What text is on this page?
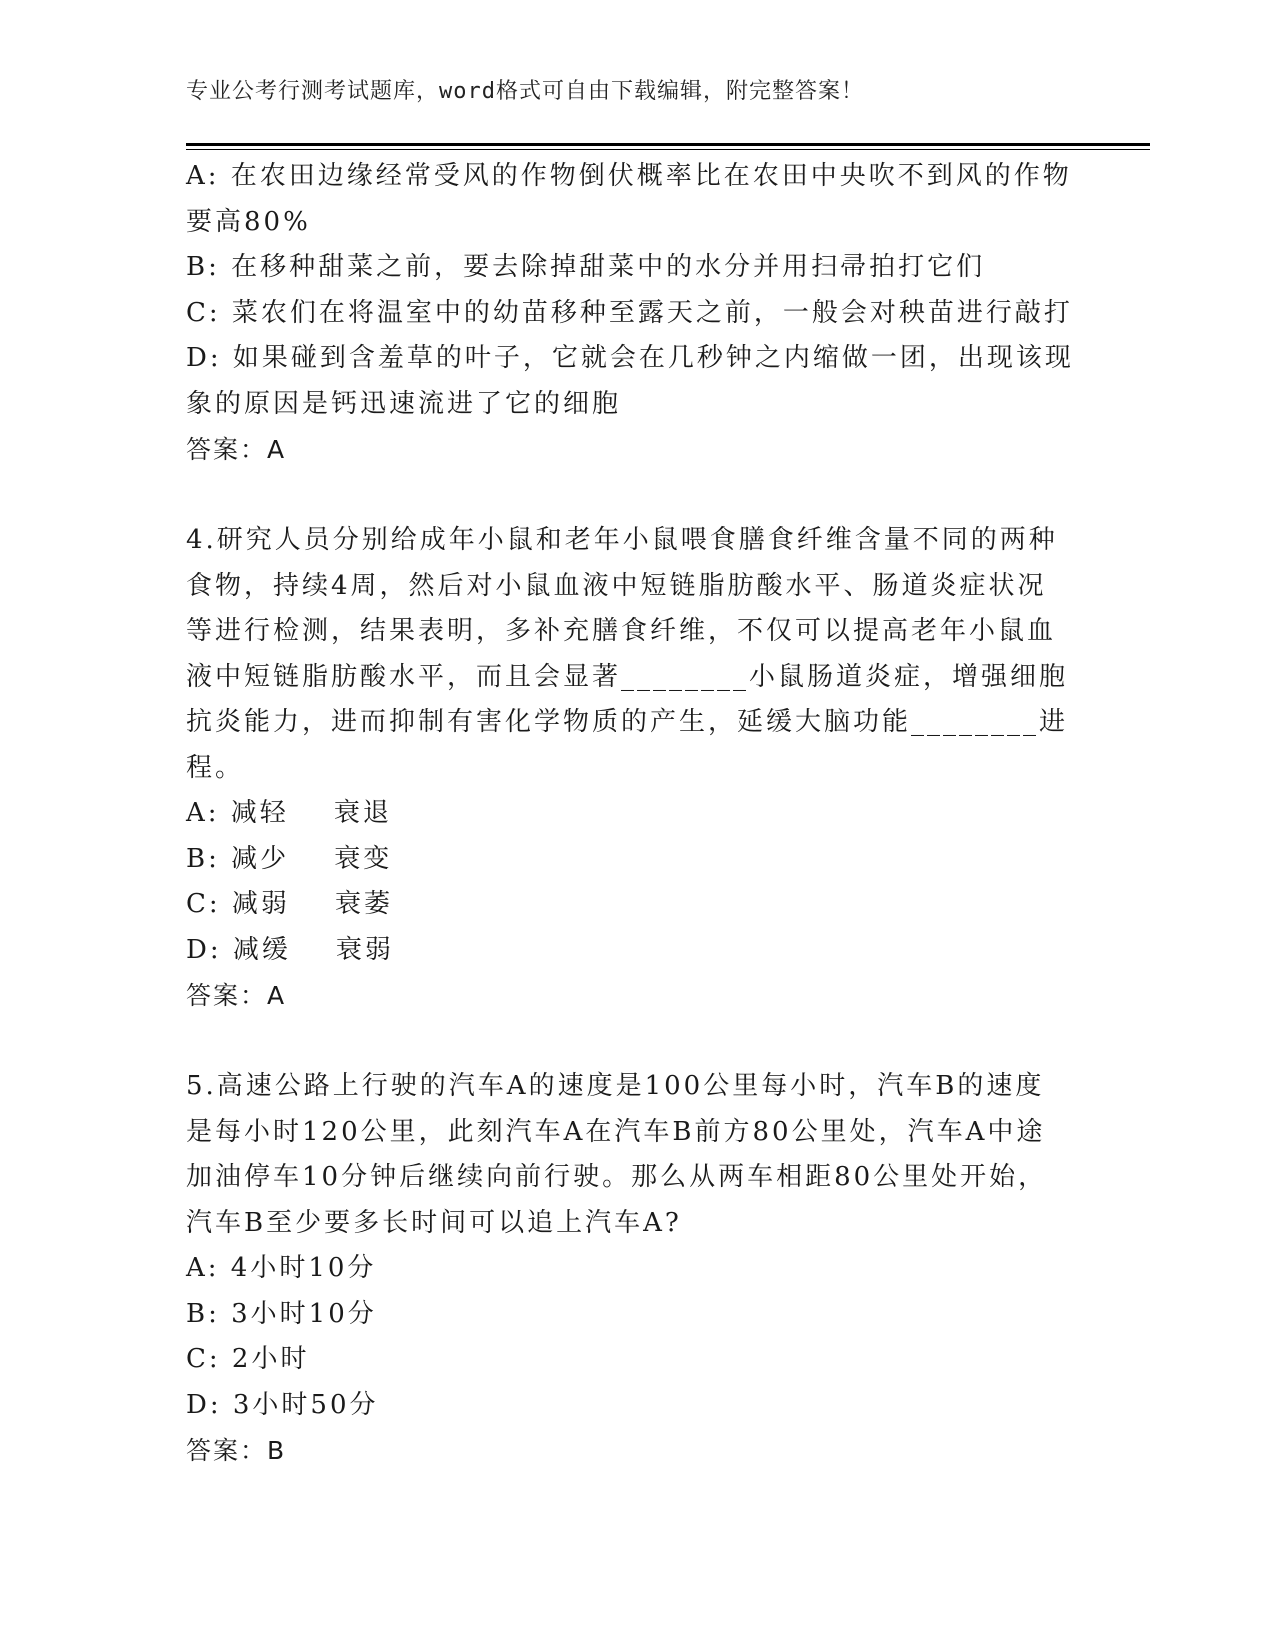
专业公考行测考试题库，word格式可自由下载编辑，附完整答案！
A: 在农田边缘经常受风的作物倒伏概率比在农田中央吹不到风的作物
要高80%
B: 在移种甜菜之前，要去除掉甜菜中的水分并用扫帚拍打它们
C: 菜农们在将温室中的幼苗移种至露天之前，一般会对秧苗进行敲打
D: 如果碰到含羞草的叶子，它就会在几秒钟之内缩做一团，出现该现
象的原因是钙迅速流进了它的细胞
答案：A
4.研究人员分别给成年小鼠和老年小鼠喂食膳食纤维含量不同的两种
食物，持续4周，然后对小鼠血液中短链脂肪酸水平、肠道炎症状况
等进行检测，结果表明，多补充膳食纤维，不仅可以提高老年小鼠血
液中短链脂肪酸水平，而且会显著________小鼠肠道炎症，增强细胞
抗炎能力，进而抑制有害化学物质的产生，延缓大脑功能________进
程。
A: 减轻    衰退
B: 减少    衰变
C: 减弱    衰萎
D: 减缓    衰弱
答案：A
5.高速公路上行驶的汽车A的速度是100公里每小时，汽车B的速度
是每小时120公里，此刻汽车A在汽车B前方80公里处，汽车A中途
加油停车10分钟后继续向前行驶。那么从两车相距80公里处开始，
汽车B至少要多长时间可以追上汽车A?
A: 4小时10分
B: 3小时10分
C: 2小时
D: 3小时50分
答案：B
